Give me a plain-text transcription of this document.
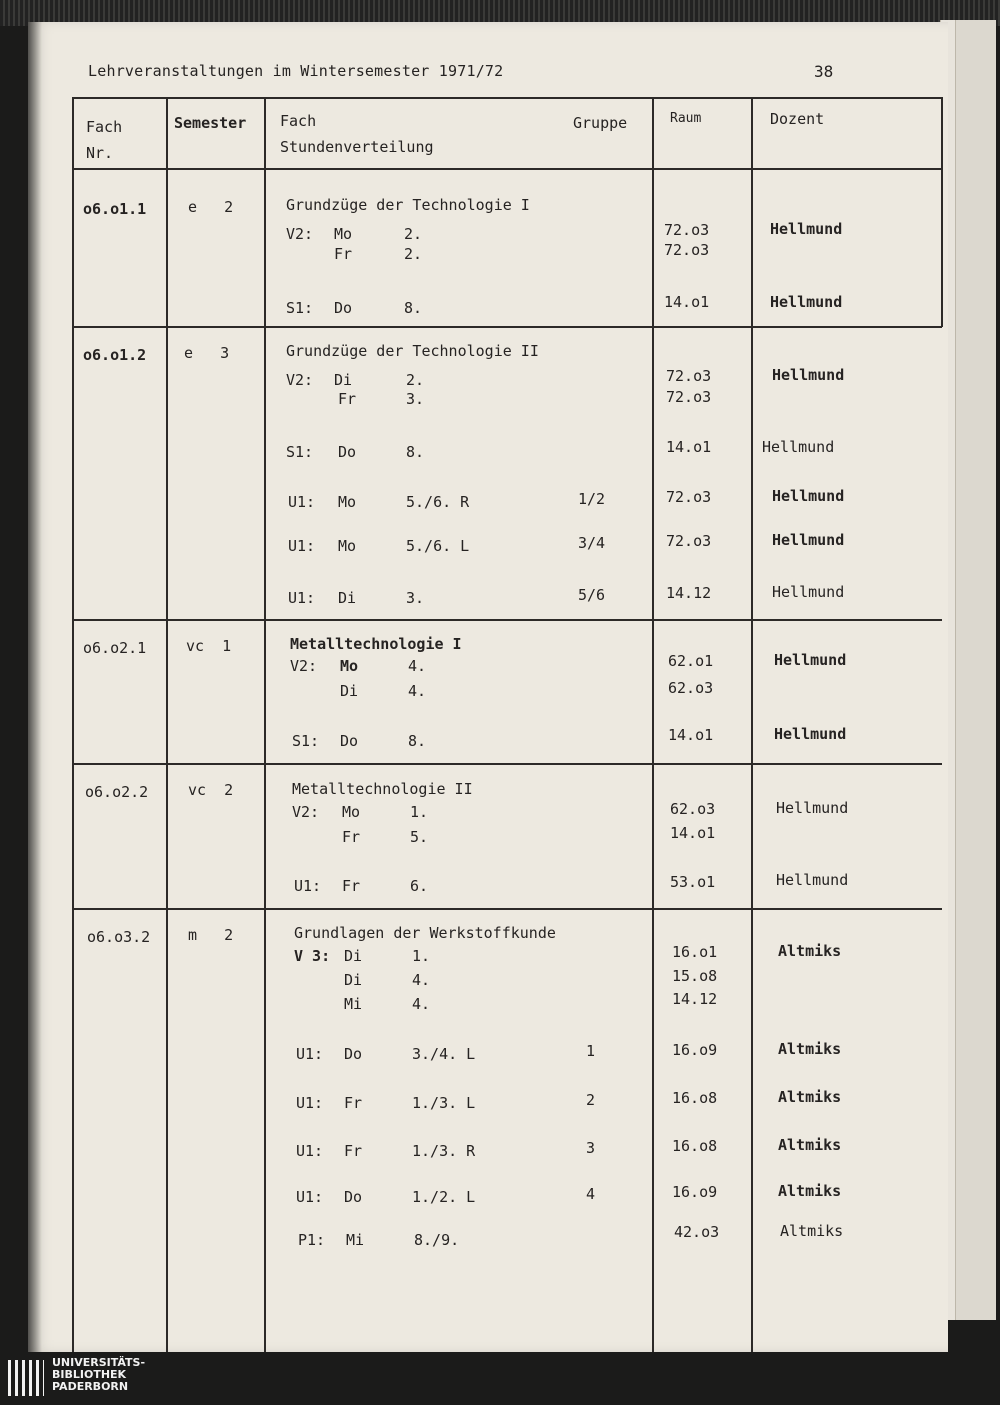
Lehrveranstaltungen im Wintersemester 1971/72	38
Fach
Nr.
Semester Fach
Stundenverteilung
Gruppe	Raum	Dozent
o6.o1.1	e   2	Grundzüge der Technologie I
V2: Mo	2.	72.o3	Hellmund
Fr	2.	72.o3
S1: Do	8.	14.o1	Hellmund
o6.o1.2	e   3	Grundzüge der Technologie II
V2: Di	2.	72.o3	Hellmund
Fr	3.	72.o3
S1: Do	8.	14.o1	Hellmund
U1: Mo	5./6. R	1/2	72.o3	Hellmund
U1: Mo	5./6. L	3/4	72.o3	Hellmund
U1: Di	3.	5/6	14.12	Hellmund
o6.o2.1	vc  1	Metalltechnologie I
V2: Mo	4.	62.o1	Hellmund
Di	4.	62.o3
S1: Do	8.	14.o1	Hellmund
o6.o2.2	vc  2	Metalltechnologie II
V2: Mo	1.	62.o3	Hellmund
Fr	5.	14.o1
U1: Fr	6.	53.o1	Hellmund
o6.o3.2	m   2	Grundlagen der Werkstoffkunde
V 3: Di	1.	16.o1	Altmiks
Di	4.	15.o8
Mi	4.	14.12
U1: Do	3./4. L	1	16.o9	Altmiks
U1: Fr	1./3. L	2	16.o8	Altmiks
U1: Fr	1./3. R	3	16.o8	Altmiks
U1: Do	1./2. L	4	16.o9	Altmiks
P1: Mi	8./9.	42.o3	Altmiks
UNIVERSITÄTS-
BIBLIOTHEK
PADERBORN
